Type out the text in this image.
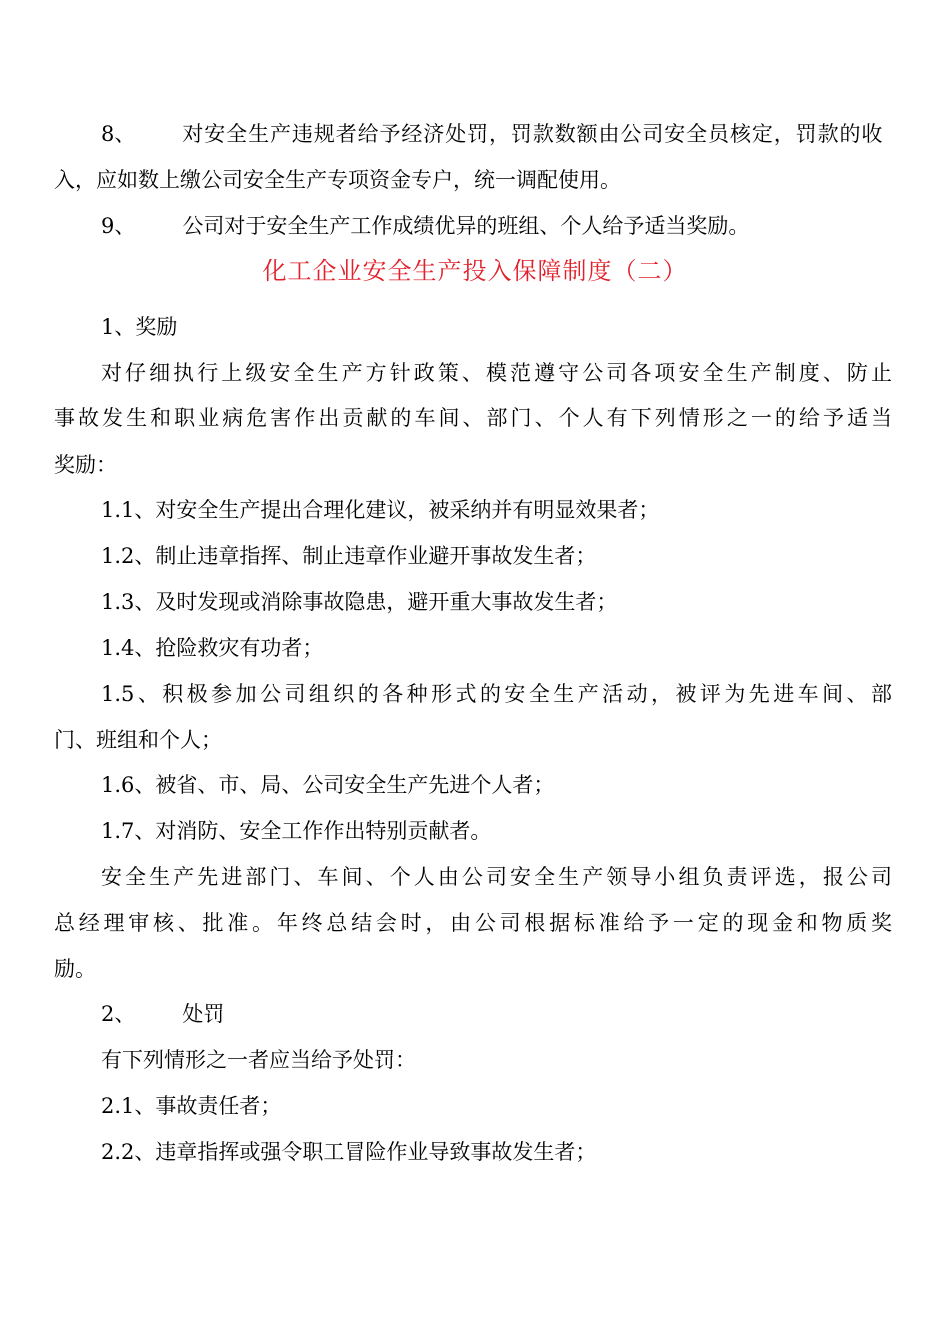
8、 对安全生产违规者给予经济处罚，罚款数额由公司安全员核定，罚款的收
入，应如数上缴公司安全生产专项资金专户，统一调配使用。
9、 公司对于安全生产工作成绩优异的班组、个人给予适当奖励。
化工企业安全生产投入保障制度（二）
1、奖励
对仔细执行上级安全生产方针政策、模范遵守公司各项安全生产制度、防止
事故发生和职业病危害作出贡献的车间、部门、个人有下列情形之一的给予适当
奖励：
1.1、对安全生产提出合理化建议，被采纳并有明显效果者；
1.2、制止违章指挥、制止违章作业避开事故发生者；
1.3、及时发现或消除事故隐患，避开重大事故发生者；
1.4、抢险救灾有功者；
1.5、积极参加公司组织的各种形式的安全生产活动，被评为先进车间、部
门、班组和个人；
1.6、被省、市、局、公司安全生产先进个人者；
1.7、对消防、安全工作作出特别贡献者。
安全生产先进部门、车间、个人由公司安全生产领导小组负责评选，报公司
总经理审核、批准。年终总结会时，由公司根据标准给予一定的现金和物质奖
励。
2、 处罚
有下列情形之一者应当给予处罚：
2.1、事故责任者；
2.2、违章指挥或强令职工冒险作业导致事故发生者；
